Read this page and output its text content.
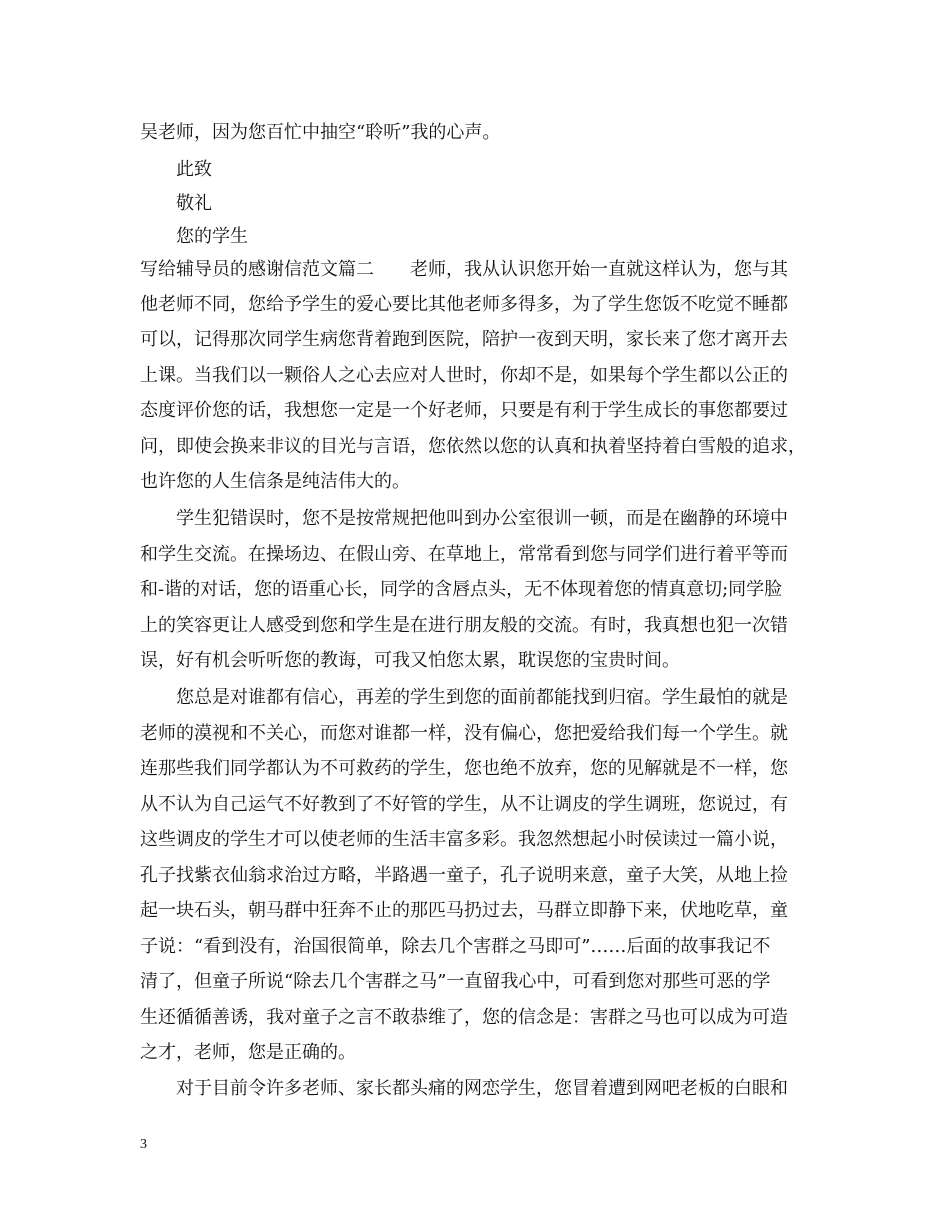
吴老师，因为您百忙中抽空“聆听”我的心声。
此致
敬礼
您的学生
写给辅导员的感谢信范文篇二　　老师，我从认识您开始一直就这样认为，您与其
他老师不同，您给予学生的爱心要比其他老师多得多，为了学生您饭不吃觉不睡都
可以，记得那次同学生病您背着跑到医院，陪护一夜到天明，家长来了您才离开去
上课。当我们以一颗俗人之心去应对人世时，你却不是，如果每个学生都以公正的
态度评价您的话，我想您一定是一个好老师，只要是有利于学生成长的事您都要过
问，即使会换来非议的目光与言语，您依然以您的认真和执着坚持着白雪般的追求，
也许您的人生信条是纯洁伟大的。
学生犯错误时，您不是按常规把他叫到办公室很训一顿，而是在幽静的环境中
和学生交流。在操场边、在假山旁、在草地上，常常看到您与同学们进行着平等而
和-谐的对话，您的语重心长，同学的含唇点头，无不体现着您的情真意切;同学脸
上的笑容更让人感受到您和学生是在进行朋友般的交流。有时，我真想也犯一次错
误，好有机会听听您的教诲，可我又怕您太累，耽误您的宝贵时间。
您总是对谁都有信心，再差的学生到您的面前都能找到归宿。学生最怕的就是
老师的漠视和不关心，而您对谁都一样，没有偏心，您把爱给我们每一个学生。就
连那些我们同学都认为不可救药的学生，您也绝不放弃，您的见解就是不一样，您
从不认为自己运气不好教到了不好管的学生，从不让调皮的学生调班，您说过，有
这些调皮的学生才可以使老师的生活丰富多彩。我忽然想起小时侯读过一篇小说，
孔子找紫衣仙翁求治过方略，半路遇一童子，孔子说明来意，童子大笑，从地上捡
起一块石头，朝马群中狂奔不止的那匹马扔过去，马群立即静下来，伏地吃草，童
子说：“看到没有，治国很简单，除去几个害群之马即可”……后面的故事我记不
清了，但童子所说“除去几个害群之马”一直留我心中，可看到您对那些可恶的学
生还循循善诱，我对童子之言不敢恭维了，您的信念是：害群之马也可以成为可造
之才，老师，您是正确的。
对于目前令许多老师、家长都头痛的网恋学生，您冒着遭到网吧老板的白眼和
3
